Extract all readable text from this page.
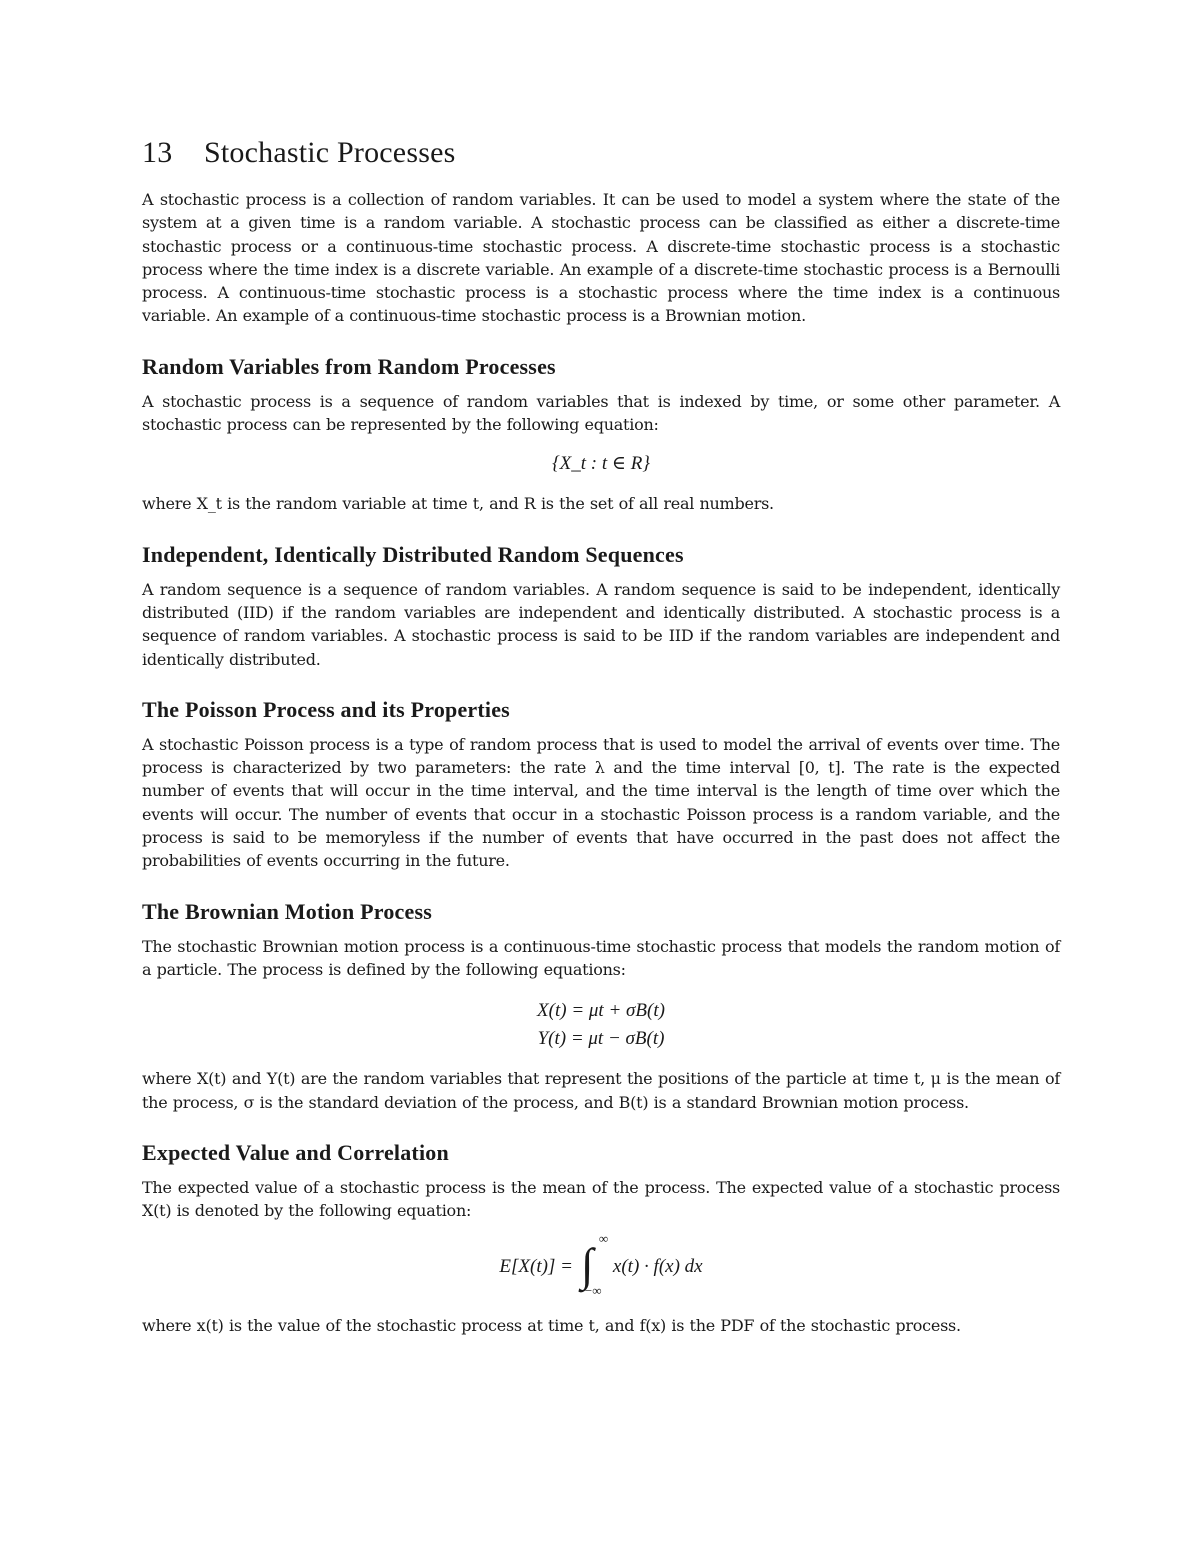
13 Stochastic Processes

A stochastic process is a collection of random variables. It can be used to model a system where the state of the system at a given time is a random variable. A stochastic process can be classified as either a discrete-time stochastic process or a continuous-time stochastic process. A discrete-time stochastic process is a stochastic process where the time index is a discrete variable. An example of a discrete-time stochastic process is a Bernoulli process. A continuous-time stochastic process is a stochastic process where the time index is a continuous variable. An example of a continuous-time stochastic process is a Brownian motion.

Random Variables from Random Processes

A stochastic process is a sequence of random variables that is indexed by time, or some other parameter. A stochastic process can be represented by the following equation:

{X_t : t ∈ R}

where X_t is the random variable at time t, and R is the set of all real numbers.

Independent, Identically Distributed Random Sequences

A random sequence is a sequence of random variables. A random sequence is said to be independent, identically distributed (IID) if the random variables are independent and identically distributed. A stochastic process is a sequence of random variables. A stochastic process is said to be IID if the random variables are independent and identically distributed.

The Poisson Process and its Properties

A stochastic Poisson process is a type of random process that is used to model the arrival of events over time. The process is characterized by two parameters: the rate λ and the time interval [0, t]. The rate is the expected number of events that will occur in the time interval, and the time interval is the length of time over which the events will occur. The number of events that occur in a stochastic Poisson process is a random variable, and the process is said to be memoryless if the number of events that have occurred in the past does not affect the probabilities of events occurring in the future.

The Brownian Motion Process

The stochastic Brownian motion process is a continuous-time stochastic process that models the random motion of a particle. The process is defined by the following equations:

X(t) = μt + σB(t)
Y(t) = μt − σB(t)

where X(t) and Y(t) are the random variables that represent the positions of the particle at time t, μ is the mean of the process, σ is the standard deviation of the process, and B(t) is a standard Brownian motion process.

Expected Value and Correlation

The expected value of a stochastic process is the mean of the process. The expected value of a stochastic process X(t) is denoted by the following equation:

E[X(t)] = ∫
∞
−∞
x(t) · f(x) dx

where x(t) is the value of the stochastic process at time t, and f(x) is the PDF of the stochastic process.
